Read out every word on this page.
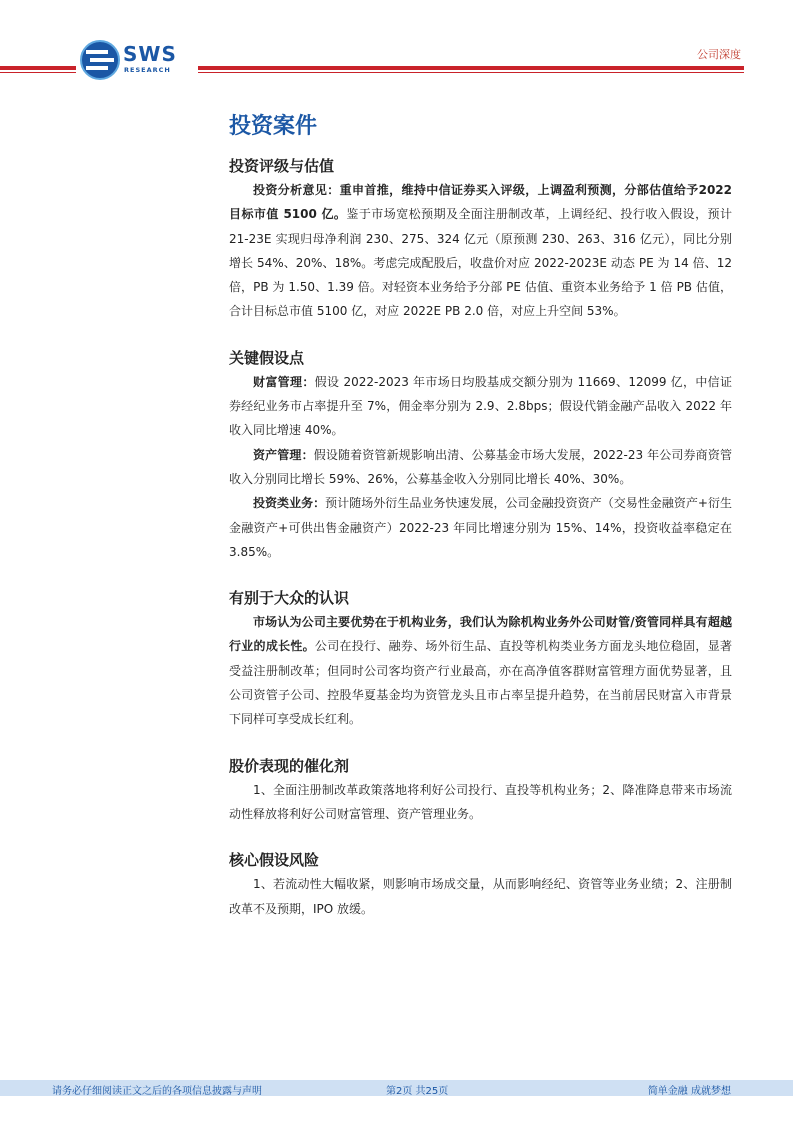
SWS
RESEARCH
公司深度
投资案件
投资评级与估值

投资分析意见：重申首推，维持中信证券买入评级，上调盈利预测，分部估值给予2022 目标市值 5100 亿。鉴于市场宽松预期及全面注册制改革，上调经纪、投行收入假设，预计 21-23E 实现归母净利润 230、275、324 亿元（原预测 230、263、316 亿元），同比分别增长 54%、20%、18%。考虑完成配股后，收盘价对应 2022-2023E 动态 PE 为 14 倍、12 倍，PB 为 1.50、1.39 倍。对轻资本业务给予分部 PE 估值、重资本业务给予 1 倍 PB 估值，合计目标总市值 5100 亿，对应 2022E PB 2.0 倍，对应上升空间 53%。

关键假设点

财富管理：假设 2022-2023 年市场日均股基成交额分别为 11669、12099 亿，中信证券经纪业务市占率提升至 7%，佣金率分别为 2.9、2.8bps；假设代销金融产品收入 2022 年收入同比增速 40%。

资产管理：假设随着资管新规影响出清、公募基金市场大发展，2022-23 年公司券商资管收入分别同比增长 59%、26%，公募基金收入分别同比增长 40%、30%。

投资类业务：预计随场外衍生品业务快速发展，公司金融投资资产（交易性金融资产+衍生金融资产+可供出售金融资产）2022-23 年同比增速分别为 15%、14%，投资收益率稳定在 3.85%。

有别于大众的认识

市场认为公司主要优势在于机构业务，我们认为除机构业务外公司财管/资管同样具有超越行业的成长性。公司在投行、融券、场外衍生品、直投等机构类业务方面龙头地位稳固，显著受益注册制改革；但同时公司客均资产行业最高，亦在高净值客群财富管理方面优势显著，且公司资管子公司、控股华夏基金均为资管龙头且市占率呈提升趋势，在当前居民财富入市背景下同样可享受成长红利。

股价表现的催化剂

1、全面注册制改革政策落地将利好公司投行、直投等机构业务；2、降准降息带来市场流动性释放将利好公司财富管理、资产管理业务。

核心假设风险

1、若流动性大幅收紧，则影响市场成交量，从而影响经纪、资管等业务业绩；2、注册制改革不及预期，IPO 放缓。

请务必仔细阅读正文之后的各项信息披露与声明	第2页 共25页	简单金融 成就梦想
